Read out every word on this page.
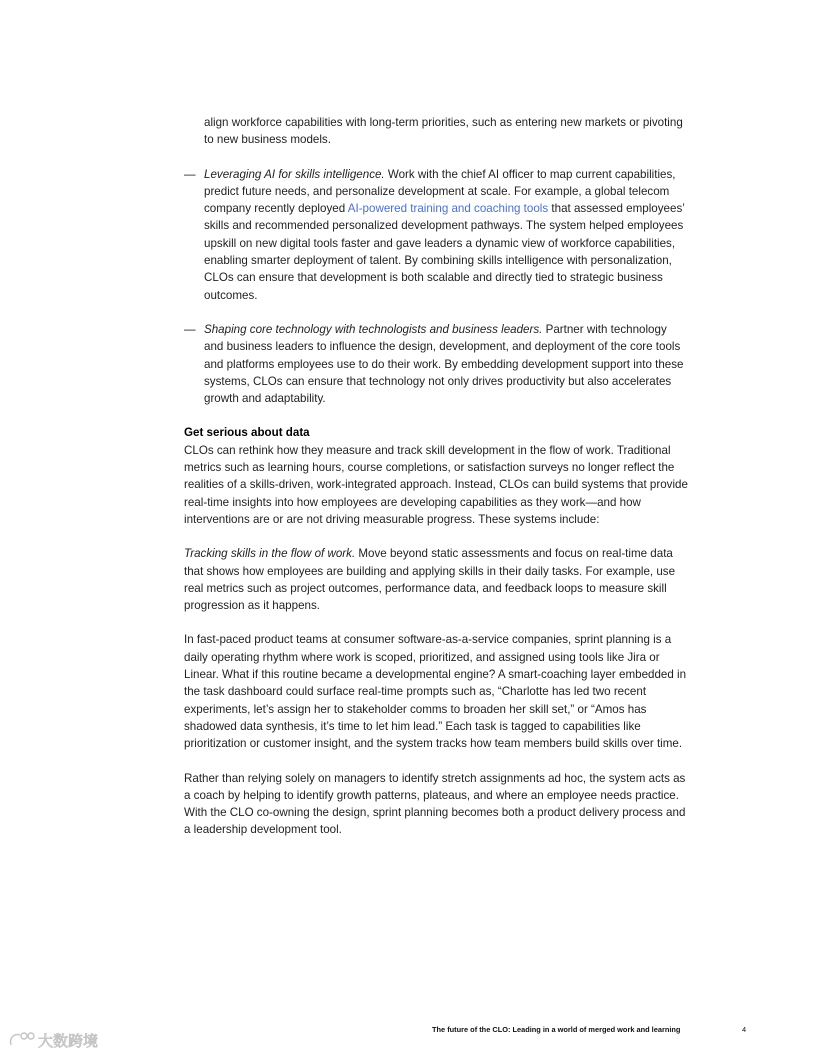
align workforce capabilities with long-term priorities, such as entering new markets or pivoting to new business models.

— Leveraging AI for skills intelligence. Work with the chief AI officer to map current capabilities, predict future needs, and personalize development at scale. For example, a global telecom company recently deployed AI-powered training and coaching tools that assessed employees’ skills and recommended personalized development pathways. The system helped employees upskill on new digital tools faster and gave leaders a dynamic view of workforce capabilities, enabling smarter deployment of talent. By combining skills intelligence with personalization, CLOs can ensure that development is both scalable and directly tied to strategic business outcomes.

— Shaping core technology with technologists and business leaders. Partner with technology and business leaders to influence the design, development, and deployment of the core tools and platforms employees use to do their work. By embedding development support into these systems, CLOs can ensure that technology not only drives productivity but also accelerates growth and adaptability.

Get serious about data

CLOs can rethink how they measure and track skill development in the flow of work. Traditional metrics such as learning hours, course completions, or satisfaction surveys no longer reflect the realities of a skills-driven, work-integrated approach. Instead, CLOs can build systems that provide real-time insights into how employees are developing capabilities as they work—and how interventions are or are not driving measurable progress. These systems include:

Tracking skills in the flow of work. Move beyond static assessments and focus on real-time data that shows how employees are building and applying skills in their daily tasks. For example, use real metrics such as project outcomes, performance data, and feedback loops to measure skill progression as it happens.

In fast-paced product teams at consumer software-as-a-service companies, sprint planning is a daily operating rhythm where work is scoped, prioritized, and assigned using tools like Jira or Linear. What if this routine became a developmental engine? A smart-coaching layer embedded in the task dashboard could surface real-time prompts such as, “Charlotte has led two recent experiments, let’s assign her to stakeholder comms to broaden her skill set,” or “Amos has shadowed data synthesis, it’s time to let him lead.” Each task is tagged to capabilities like prioritization or customer insight, and the system tracks how team members build skills over time.

Rather than relying solely on managers to identify stretch assignments ad hoc, the system acts as a coach by helping to identify growth patterns, plateaus, and where an employee needs practice. With the CLO co-owning the design, sprint planning becomes both a product delivery process and a leadership development tool.

The future of the CLO: Leading in a world of merged work and learning	4
大数跨境
